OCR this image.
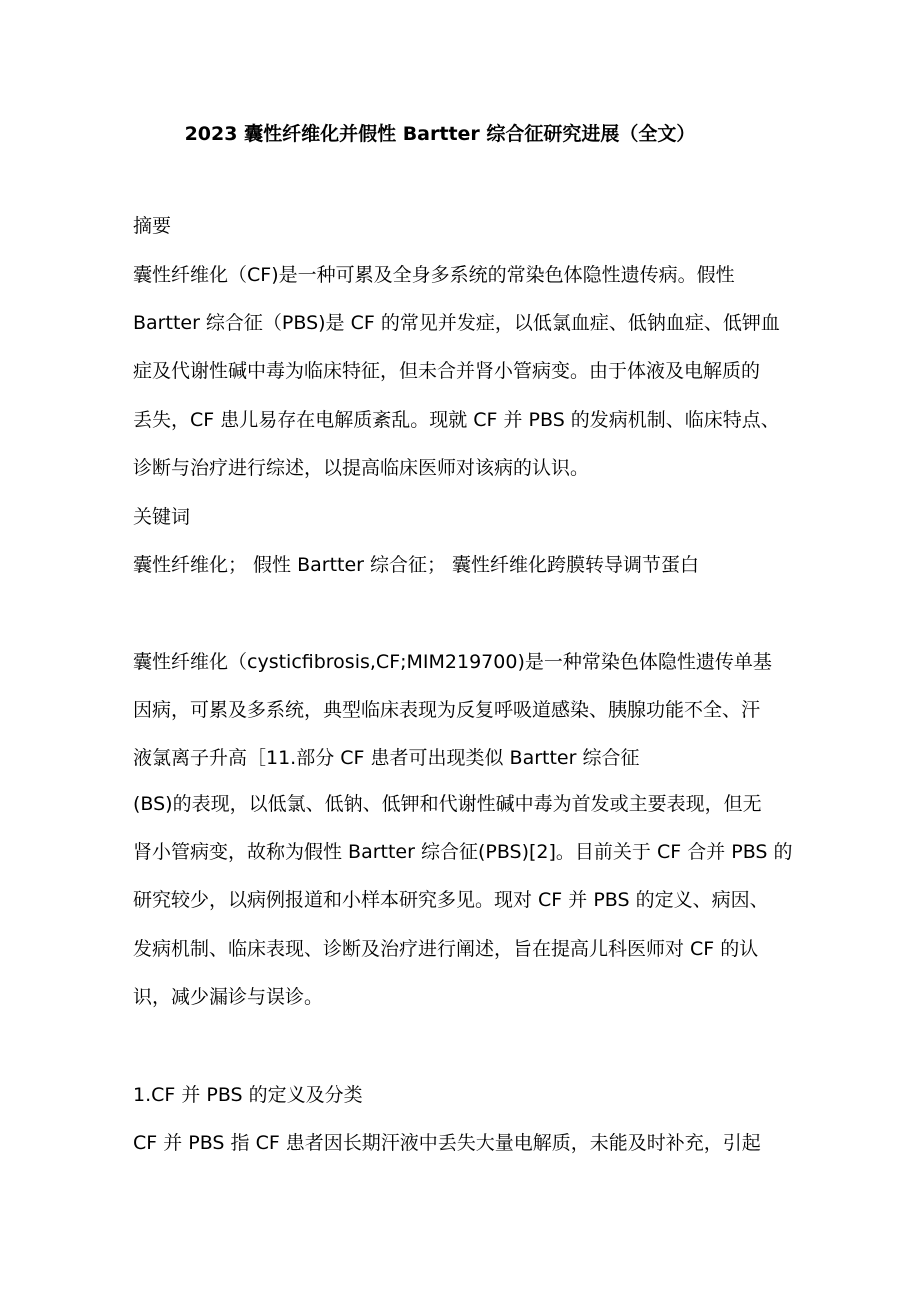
2023 囊性纤维化并假性 Bartter 综合征研究进展（全文）
摘要
囊性纤维化（CF)是一种可累及全身多系统的常染色体隐性遗传病。假性
Bartter 综合征（PBS)是 CF 的常见并发症，以低氯血症、低钠血症、低钾血
症及代谢性碱中毒为临床特征，但未合并肾小管病变。由于体液及电解质的
丢失，CF 患儿易存在电解质紊乱。现就 CF 并 PBS 的发病机制、临床特点、
诊断与治疗进行综述，以提高临床医师对该病的认识。
关键词
囊性纤维化； 假性 Bartter 综合征； 囊性纤维化跨膜转导调节蛋白
囊性纤维化（cysticfibrosis,CF;MIM219700)是一种常染色体隐性遗传单基
因病，可累及多系统，典型临床表现为反复呼吸道感染、胰腺功能不全、汗
液氯离子升高［11.部分 CF 患者可出现类似 Bartter 综合征
(BS)的表现，以低氯、低钠、低钾和代谢性碱中毒为首发或主要表现，但无
肾小管病变，故称为假性 Bartter 综合征(PBS)[2]。目前关于 CF 合并 PBS 的
研究较少，以病例报道和小样本研究多见。现对 CF 并 PBS 的定义、病因、
发病机制、临床表现、诊断及治疗进行阐述，旨在提高儿科医师对 CF 的认
识，减少漏诊与误诊。
1.CF 并 PBS 的定义及分类
CF 并 PBS 指 CF 患者因长期汗液中丢失大量电解质，未能及时补充，引起
